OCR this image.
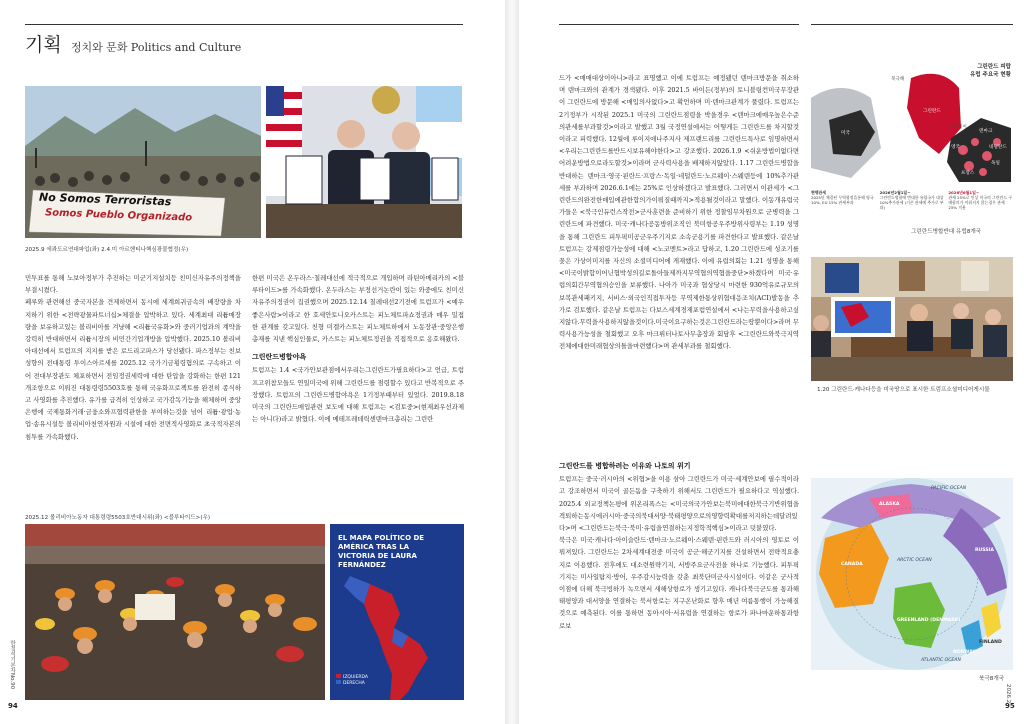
기획 정치와 문화 Politics and Culture
No Somos Terroristas
Somos Pueblo Organizado
2025.9 에콰도르연대파업(좌) 2.4 미 아르헨티나핵심광물협정(우)

민투표를 통해 노보아정부가 추진하는 미군기지설치등 친미신자유주의정책을 부결시켰다.
페루와 관련해선 중국자본을 견제하면서 동시에 세계희귀금속의 배장량을 차지하기 위한 <전략광물파트너십>체결을 압박하고 있다. 세계최대 리튬매장량을 보유하고있는 볼리비아를 겨냥해 <리튬국유화>와 중러기업과의 계약을 강력히 반대하면서 리튬시장의 비민간기업개방을 압박했다. 2025.10 볼리비아대선에서 트럼프의 지지를 받은 로드리고파스가 당선됐다. 파스정부는 친보성향의 전대통령 투이스아르세를 2025.12 국가기금횡령혐의로 구속하고 이어 전대부장관도 체포하면서 전임정권세력에 대한 탄압을 강화하는 한편 121개조항으로 이뤄진 대통령령5503호를 통해 국유화프로젝트를 완전히 종식하고 사영화를 추진했다. 유가를 급격히 인상하고 국가감독기능을 해체하며 중앙은행에 국제통화거래·금융소와프협력관한을 부여하는것을 넘어 리튬·광업·농업·송유시설등 볼리비아천연자원과 시설에 대한 전면적사영화로 초국적자본의 침투를 가속화했다.

한편 미국은 온두라스·칠레대선에 적극적으로 개입하며 라틴아메리카의 <블루타이드>를 가속화했다. 온두라스는 부정선거논란이 있는 와중에도 친미신자유주의정권이 집권했으며 2025.12.14 칠레대선2기전에 트럼프가 <예우좋은사람>이라고 한 호세안토니오카스트는 피노체트파쇼정권과 매우 밀접한 관계를 갖고있다. 친형 미겔카스트는 피노체트하에서 노동장관·중앙은행총재를 지낸 핵심인물로, 카스트는 피노체트정권을 직접적으로 옹호해왔다.

그린란드병합야욕

트럼프는 1.4 <국가안보관점에서우리는그린란드가필요하다>고 언급, 트럼프고위참모들도 연일미국에 위해 그린란드를 점령할수 있다고 반복적으로 주장했다. 트럼프의 그린란드병합야욕은 1기정부때부터 있었다. 2019.8.18 미국의 그린란드매입관련 보도에 대해 트럼프는 <검토중>(현재최우선과제는 아니다)라고 밝혔다. 이에 메테프레데릭센덴마크총리는 그린란

2025.12 볼리비아노동자 대통령령5503호반대시위(좌) <블루타이드>(우)
EL MAPA POLÍTICO DE
AMÉRICA TRAS LA
VICTORIA DE LAURA
FERNÁNDEZ
IZQUIERDA
DERECHA
한청석기본자No.90
94

드가 <매매대상이아니>라고 표명했고 이에 트럼프는 예정됐던 덴마크방문을 취소하며 덴마크와의 관계가 경색됐다. 이후 2021.5 바이든(정부)의 토니블링컨미국무장관이 그린란드에 방문해 <매입의사없다>고 확언하며 미·덴마크관계가 풀렸다. 트럼프는 2기정부가 시작된 2025.1 미국의 그린란드점령을 박을경우 <덴마크에매우높은수준의관세를부과할것>이라고 발했고 3월 국정연설에서는 어떻게든 그린란드를 차지할것이라고 피력했다. 12월에 루이지애나주지사 제프랜드리를 그린란드특사로 임명하면서 <우리는그린란드를반드시보유해야한다>고 강조했다. 2026.1.9 <쉬운방법이없다면어려운방법으로라도할것>이라며 군사력사용을 배제하지않았다. 1.17 그린란드병합을 반대하는 덴마크·영국·핀란드·프랑스·독일·네덜란드·노르웨이·스웨덴등에 10%추가관세를 부과하며 2026.6.1에는 25%로 인상하겠다고 발표했다. 그러면서 이관세가 <그린란드의완전한매입에관한합의가이뤄질때까지>적용될것이라고 말했다. 이동개유럽국가들은 <북극인듀런스작전>군사훈련을 준비하기 위한 정찰임무차원으로 군병력을 그린란드에 파견했다. 미국·캐나다공동방위조직인 북미항공우주방위사령부는 1.19 성명을 통해 그린란드 피투픽미공군우주기지로 소속군용기를 파견한다고 발표했다. 같은날 트럼프는 강제점령가능성에 대해 <노코멘트>라고 답하고, 1.20 그린란드에 성조기를 꽂은 가상이미지를 자신의 소셜미디어에 게재했다. 이에 유럽의회는 1.21 성명을 통해 <미국이밝합이어닌협박성의길로돌아들제까지무역협의역협을중단>하겠다며 미국·유럽의회간무역협의승인을 보류했다. 나아가 미국과 협상당시 마련한 930억유로규모의 보복관세패키지, 서비스·외국인직접투자등 무역제한통상위협대응조치(ACI)발동을 추가로 검토했다. 같은날 트럼프는 다보스세계경제포럼연설에서 <나는무력을사용하고싶지않다.무력을사용하지않을것이다.미국이요구하는것은그린란드라는땅뿐이다>라며 무력사용가능성을 철회했고 오후 마크뤼터나토사무총장과 회담후 <그린란드와북극지역전체에대한미래협상의틀을마련했다>며 관세부과를 철회했다.

그린란드를 병합하려는 이유와 나토의 위기

트럼프는 중국·러시아의 <위협>을 이용 삼아 그린란드가 미국·세계안보에 필수적이라고 강조하면서 미국이 골든돔을 구축하기 위해서도 그린란드가 필요하다고 역설했다. 2025.4 외교정책논평에 위온리폭스는 <미국의국가안보는북미에대한북극기반위협을격퇴하는동시에러시아·중국의북대서양·북태평양으로의영향력확대를저지하는데달려있다>며 <그린란드는북극·북미·유럽을연결하는지정학적핵심>이라고 덧붙였다.
북극은 미국·캐나다·아이슬란드·덴마크·노르웨이·스웨덴·핀란드와 러시아의 영토로 이뤄져있다. 그린란드는 2차세계대전중 미국이 공군·해군기지를 건설하면서 전략적요충지로 이용했다. 전후에도 대소련원략기지, 서방주요군사전을 하나로 기능했다. 피투픽기지는 미사일탐지·방어, 우주감시능력을 갖춘 최북단미군사시설이다. 이같은 군사적이점에 더해 북극빙하가 녹으면서 새해상항로가 생기고있다. 캐나다북극군도를 통과해 태평양과 대서양을 연결하는 북서항로는 지구온난화로 향후 매년 여름통행이 가능해질것으로 예측된다. 이를 통하면 동아시아·서유럽을 연결하는 항로가 파나마운하통과항로보

그린란드 피랍
유럽 주요국 현황
북극해
그린란드
미국
노르웨이
덴마크
영국	네덜란드
독일
프랑스
현행관세
2025년 체결된 무역협정을통해 영국 10%, EU 15% 관세부과
2026년2월1일~
그린란드병합에 반대한 유럽국가 대상 10%추가관세 (기존 관세에 추가로 부과)
2026년6월1일~
관세 25%로 인상 미국의 그린란드 구매합의가 이뤄지지 않는경우 관세 25% 적용
그린란드병합반대 유럽8개국
1.20 그린란드·캐나다등을 미국땅으로 표시한 트럼프소셜미디어게시물
ALASKA
CANADA
ARCTIC OCEAN
GREENLAND (DENMARK)
RUSSIA
NORWAY
FINLAND
ATLANTIC OCEAN
PACIFIC OCEAN
북극8개국
2026.2
95
